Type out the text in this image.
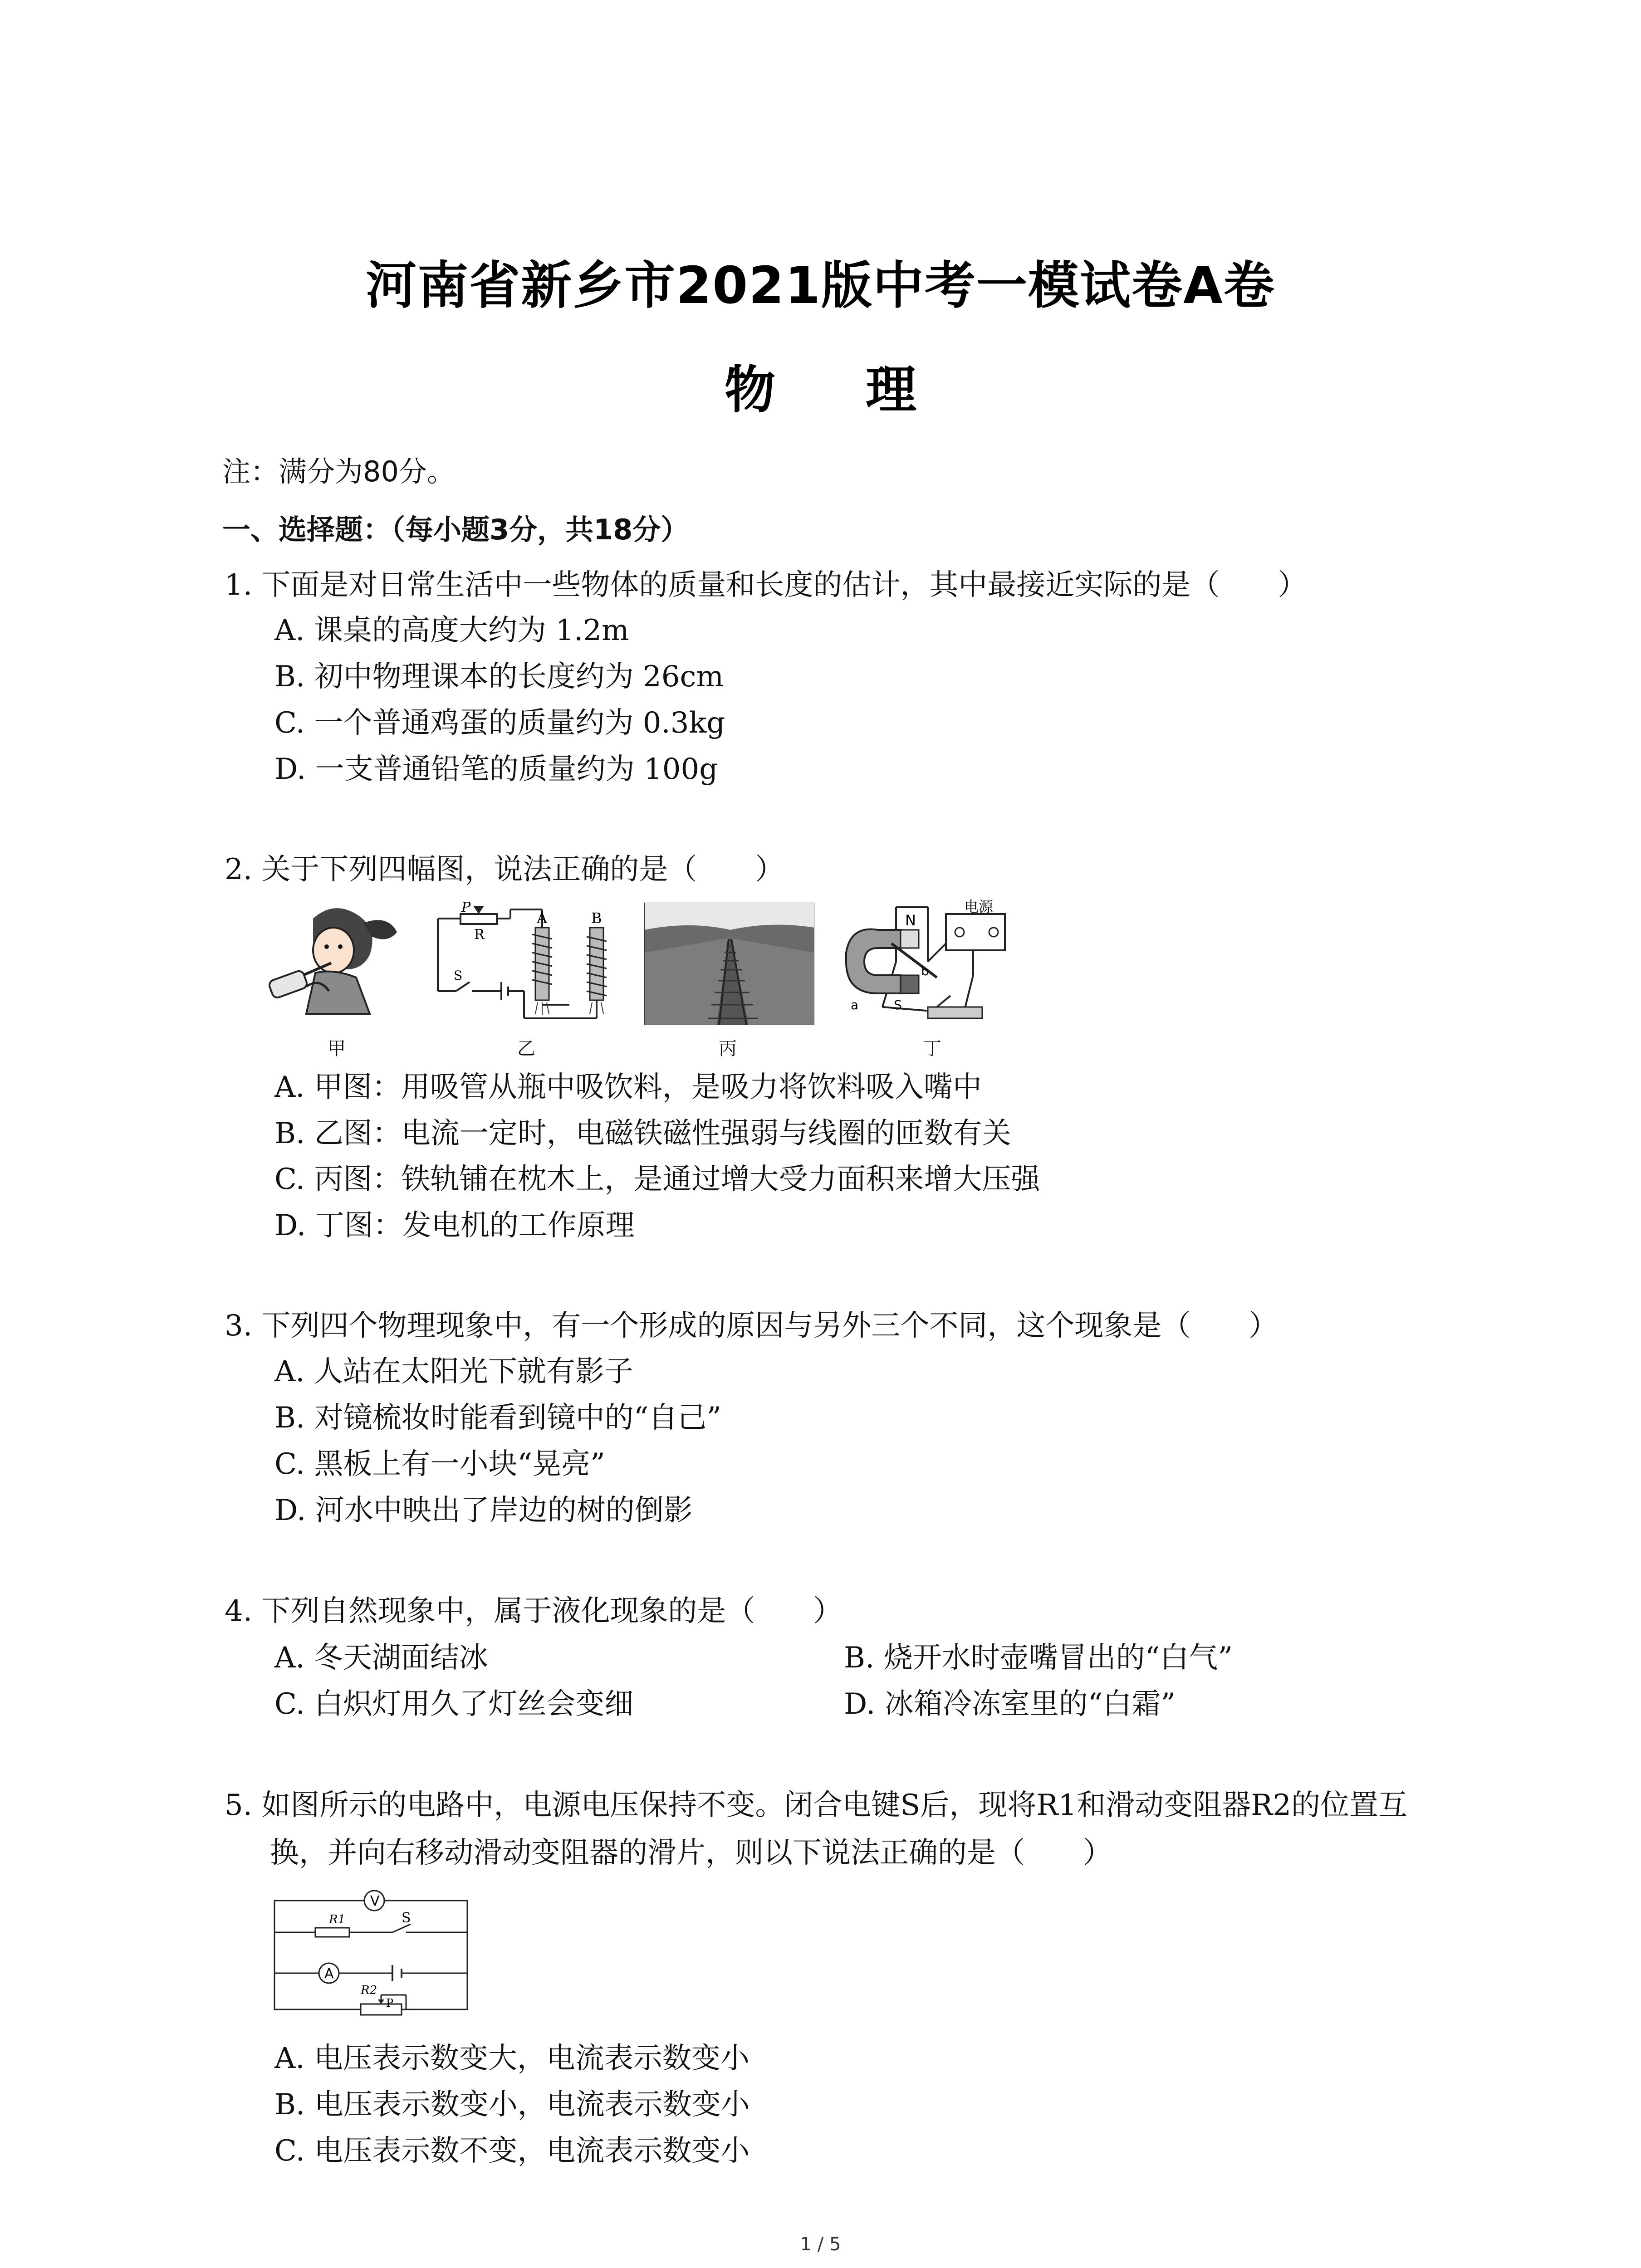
河南省新乡市2021版中考一模试卷A卷
物 理
注：满分为80分。
一、选择题：（每小题3分，共18分）
1. 下面是对日常生活中一些物体的质量和长度的估计，其中最接近实际的是（　　）
A. 课桌的高度大约为 1.2m
B. 初中物理课本的长度约为 26cm
C. 一个普通鸡蛋的质量约为 0.3kg
D. 一支普通铅笔的质量约为 100g
2. 关于下列四幅图，说法正确的是（　　）
甲
P
R
S
A	B
乙	丙
N
b
a	S
电源
丁
A. 甲图：用吸管从瓶中吸饮料，是吸力将饮料吸入嘴中
B. 乙图：电流一定时，电磁铁磁性强弱与线圈的匝数有关
C. 丙图：铁轨铺在枕木上，是通过增大受力面积来增大压强
D. 丁图：发电机的工作原理
3. 下列四个物理现象中，有一个形成的原因与另外三个不同，这个现象是（　　）
A. 人站在太阳光下就有影子
B. 对镜梳妆时能看到镜中的“自己”
C. 黑板上有一小块“晃亮”
D. 河水中映出了岸边的树的倒影
4. 下列自然现象中，属于液化现象的是（　　）
A. 冬天湖面结冰	B. 烧开水时壶嘴冒出的“白气”
C. 白炽灯用久了灯丝会变细	D. 冰箱冷冻室里的“白霜”
5. 如图所示的电路中，电源电压保持不变。闭合电键S后，现将R1和滑动变阻器R2的位置互
换，并向右移动滑动变阻器的滑片，则以下说法正确的是（　　）
V
A
R1	S
R2
P
A. 电压表示数变大，电流表示数变小
B. 电压表示数变小，电流表示数变小
C. 电压表示数不变，电流表示数变小
1 / 5
